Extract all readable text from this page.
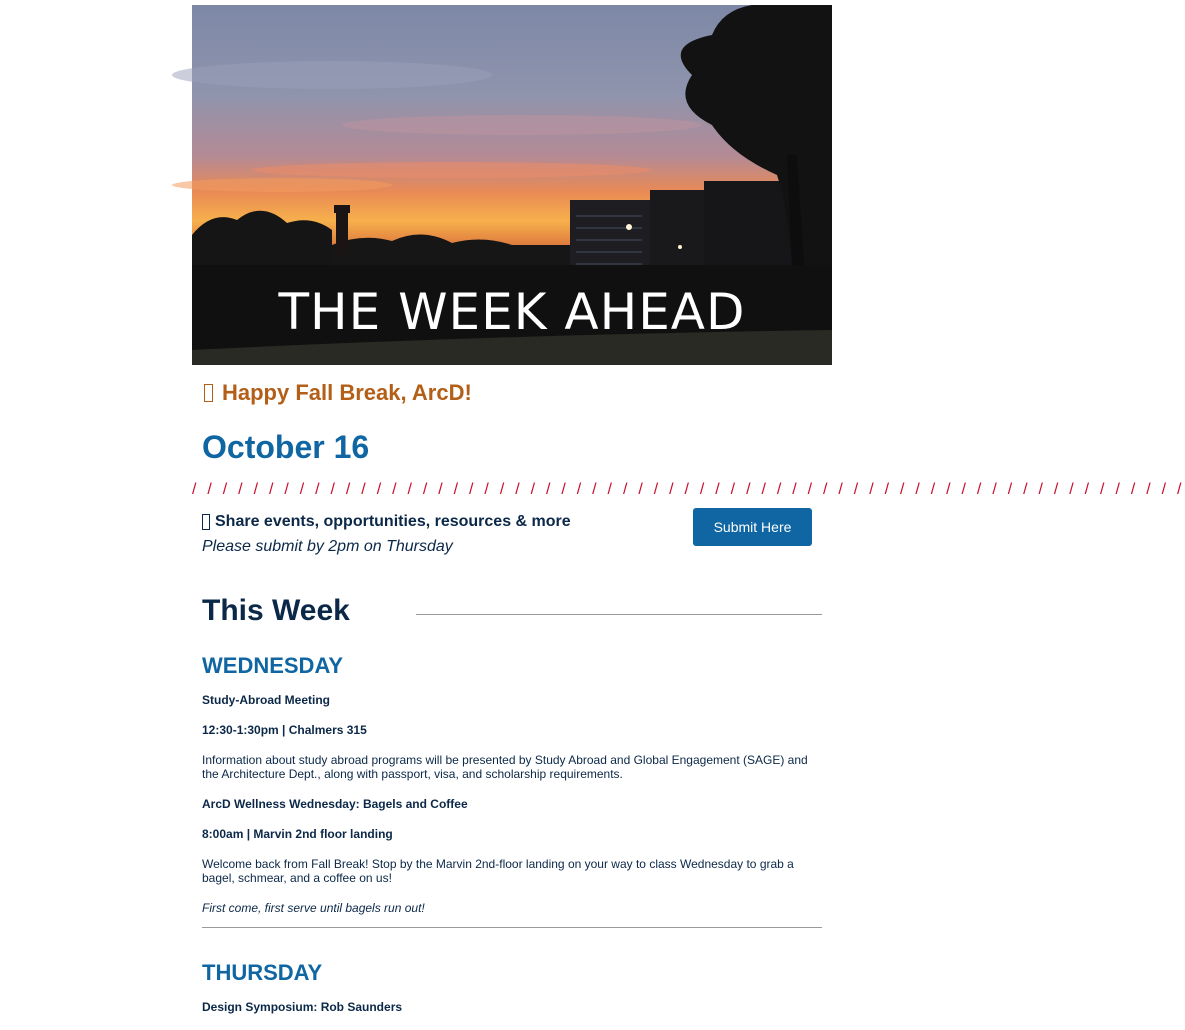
THE WEEK AHEAD
Happy Fall Break, ArcD!
October 16
/ / / / / / / / / / / / / / / / / / / / / / / / / / / / / / / / / / / / / / / / / / / / / / / / / / / / / / / / / / / / / / / / /
Share events, opportunities, resources & more
Please submit by 2pm on Thursday
Submit Here
This Week
WEDNESDAY
Study-Abroad Meeting
12:30-1:30pm | Chalmers 315
Information about study abroad programs will be presented by Study Abroad and Global Engagement (SAGE) and the Architecture Dept., along with passport, visa, and scholarship requirements.
ArcD Wellness Wednesday: Bagels and Coffee
8:00am | Marvin 2nd floor landing
Welcome back from Fall Break! Stop by the Marvin 2nd-floor landing on your way to class Wednesday to grab a bagel, schmear, and a coffee on us!
First come, first serve until bagels run out!
THURSDAY
Design Symposium: Rob Saunders
